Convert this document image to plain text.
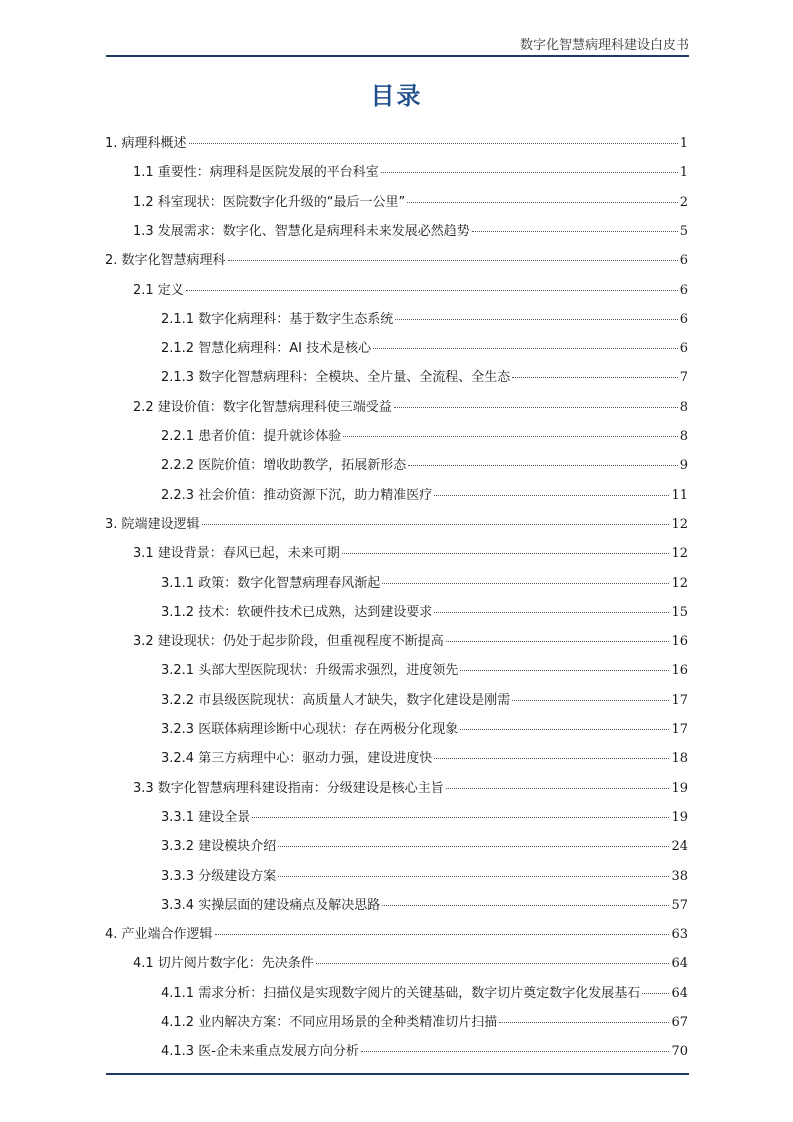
数字化智慧病理科建设白皮书
目录
1. 病理科概述	1
1.1 重要性：病理科是医院发展的平台科室	1
1.2 科室现状：医院数字化升级的“最后一公里”	2
1.3 发展需求：数字化、智慧化是病理科未来发展必然趋势	5
2. 数字化智慧病理科	6
2.1 定义	6
2.1.1 数字化病理科：基于数字生态系统	6
2.1.2 智慧化病理科：AI 技术是核心	6
2.1.3 数字化智慧病理科：全模块、全片量、全流程、全生态	7
2.2 建设价值：数字化智慧病理科使三端受益	8
2.2.1 患者价值：提升就诊体验	8
2.2.2 医院价值：增收助教学，拓展新形态	9
2.2.3 社会价值：推动资源下沉，助力精准医疗	11
3. 院端建设逻辑	12
3.1 建设背景：春风已起，未来可期	12
3.1.1 政策：数字化智慧病理春风渐起	12
3.1.2 技术：软硬件技术已成熟，达到建设要求	15
3.2 建设现状：仍处于起步阶段，但重视程度不断提高	16
3.2.1 头部大型医院现状：升级需求强烈，进度领先	16
3.2.2 市县级医院现状：高质量人才缺失，数字化建设是刚需	17
3.2.3 医联体病理诊断中心现状：存在两极分化现象	17
3.2.4 第三方病理中心：驱动力强，建设进度快	18
3.3 数字化智慧病理科建设指南：分级建设是核心主旨	19
3.3.1 建设全景	19
3.3.2 建设模块介绍	24
3.3.3 分级建设方案	38
3.3.4 实操层面的建设痛点及解决思路	57
4. 产业端合作逻辑	63
4.1 切片阅片数字化：先决条件	64
4.1.1 需求分析：扫描仪是实现数字阅片的关键基础，数字切片奠定数字化发展基石 64
4.1.2 业内解决方案：不同应用场景的全种类精准切片扫描	67
4.1.3 医-企未来重点发展方向分析	70
